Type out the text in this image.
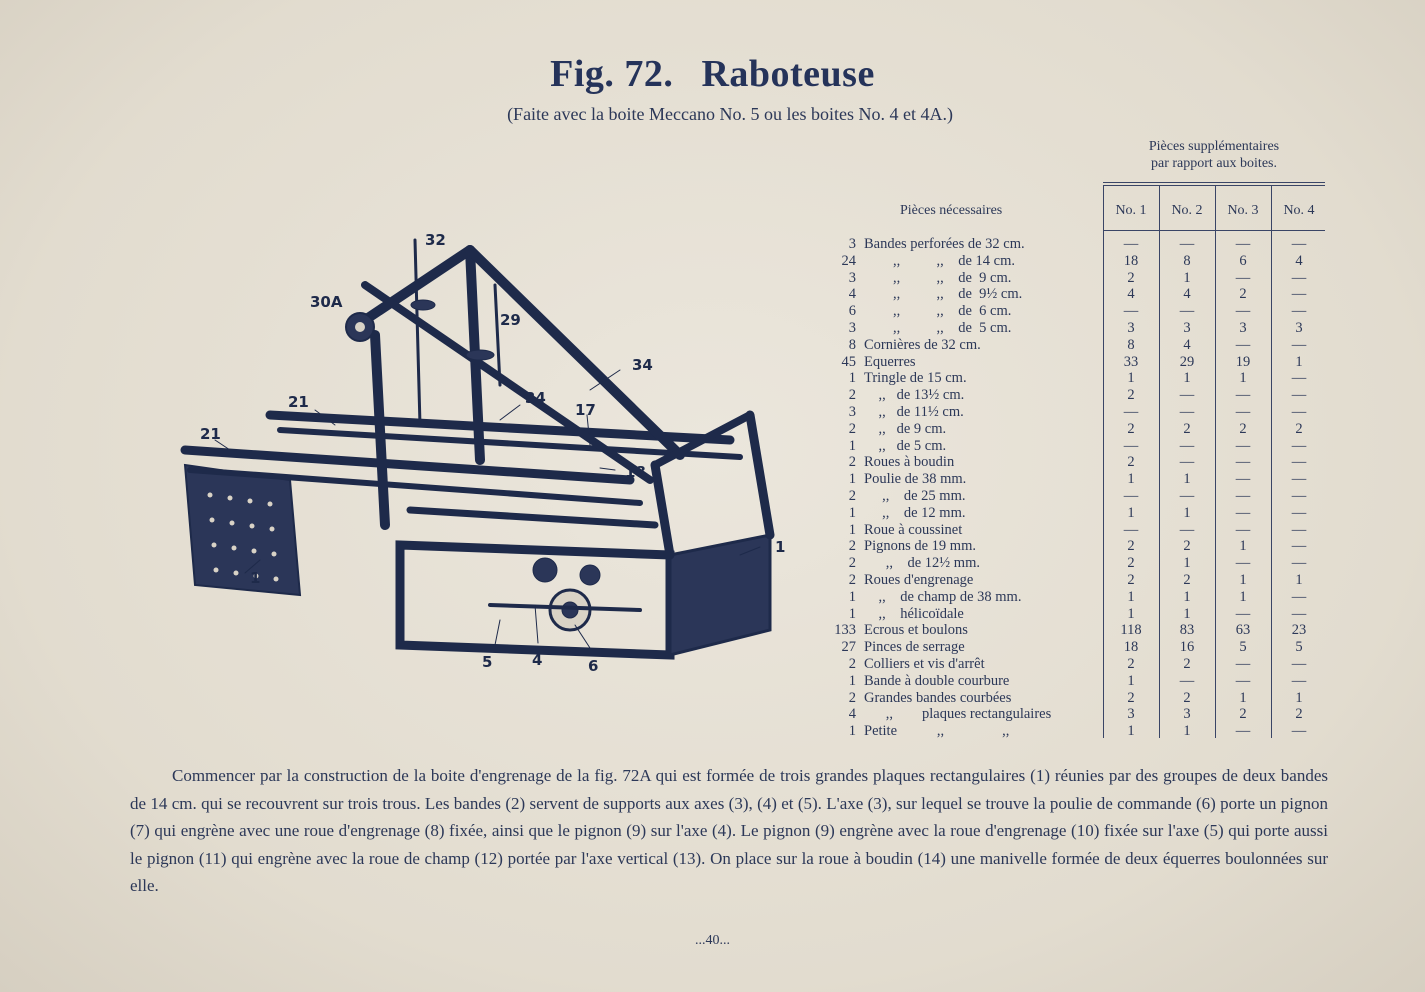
Fig. 72. Raboteuse
(Faite avec la boite Meccano No. 5 ou les boites No. 4 et 4A.)
32
30A
29
34
34
21
21
17
18
1
1
5	4	6
Pièces supplémentaires
par rapport aux boites.
Pièces nécessaires	No. 1	No. 2	No. 3	No. 4
3 Bandes perforées de 32 cm.	—	—	—	—
24 ,,          ,,    de 14 cm.	18	8	6	4
3 ,,          ,,    de  9 cm.	2	1	—	—
4 ,,          ,,    de  9½ cm.	4	4	2	—
6 ,,          ,,    de  6 cm.	—	—	—	—
3 ,,          ,,    de  5 cm.	3	3	3	3
8 Cornières de 32 cm.	8	4	—	—
45 Equerres	33	29	19	1
1 Tringle de 15 cm.	1	1	1	—
2 ,,   de 13½ cm.	2	—	—	—
3 ,,   de 11½ cm.	—	—	—	—
2 ,,   de 9 cm.	2	2	2	2
1 ,,   de 5 cm.	—	—	—	—
2 Roues à boudin	2	—	—	—
1 Poulie de 38 mm.	1	1	—	—
2 ,,    de 25 mm.	—	—	—	—
1 ,,    de 12 mm.	1	1	—	—
1 Roue à coussinet	—	—	—	—
2 Pignons de 19 mm.	2	2	1	—
2 ,,    de 12½ mm.	2	1	—	—
2 Roues d'engrenage	2	2	1	1
1 ,,    de champ de 38 mm.	1	1	1	—
1 ,,    hélicoïdale	1	1	—	—
133 Ecrous et boulons	118	83	63	23
27 Pinces de serrage	18	16	5	5
2 Colliers et vis d'arrêt	2	2	—	—
1 Bande à double courbure	1	—	—	—
2 Grandes bandes courbées	2	2	1	1
4 ,,        plaques rectangulaires	3	3	2	2
1 Petite           ,,                ,,	1	1	—	—
Commencer par la construction de la boite d'engrenage de la fig. 72A qui est formée de trois grandes plaques rectangulaires (1) réunies par des groupes de deux bandes de 14 cm. qui se recouvrent sur trois trous. Les bandes (2) servent de supports aux axes (3), (4) et (5). L'axe (3), sur lequel se trouve la poulie de commande (6) porte un pignon (7) qui engrène avec une roue d'engrenage (8) fixée, ainsi que le pignon (9) sur l'axe (4). Le pignon (9) engrène avec la roue d'engrenage (10) fixée sur l'axe (5) qui porte aussi le pignon (11) qui engrène avec la roue de champ (12) portée par l'axe vertical (13). On place sur la roue à boudin (14) une manivelle formée de deux équerres boulonnées sur elle.
...40...
